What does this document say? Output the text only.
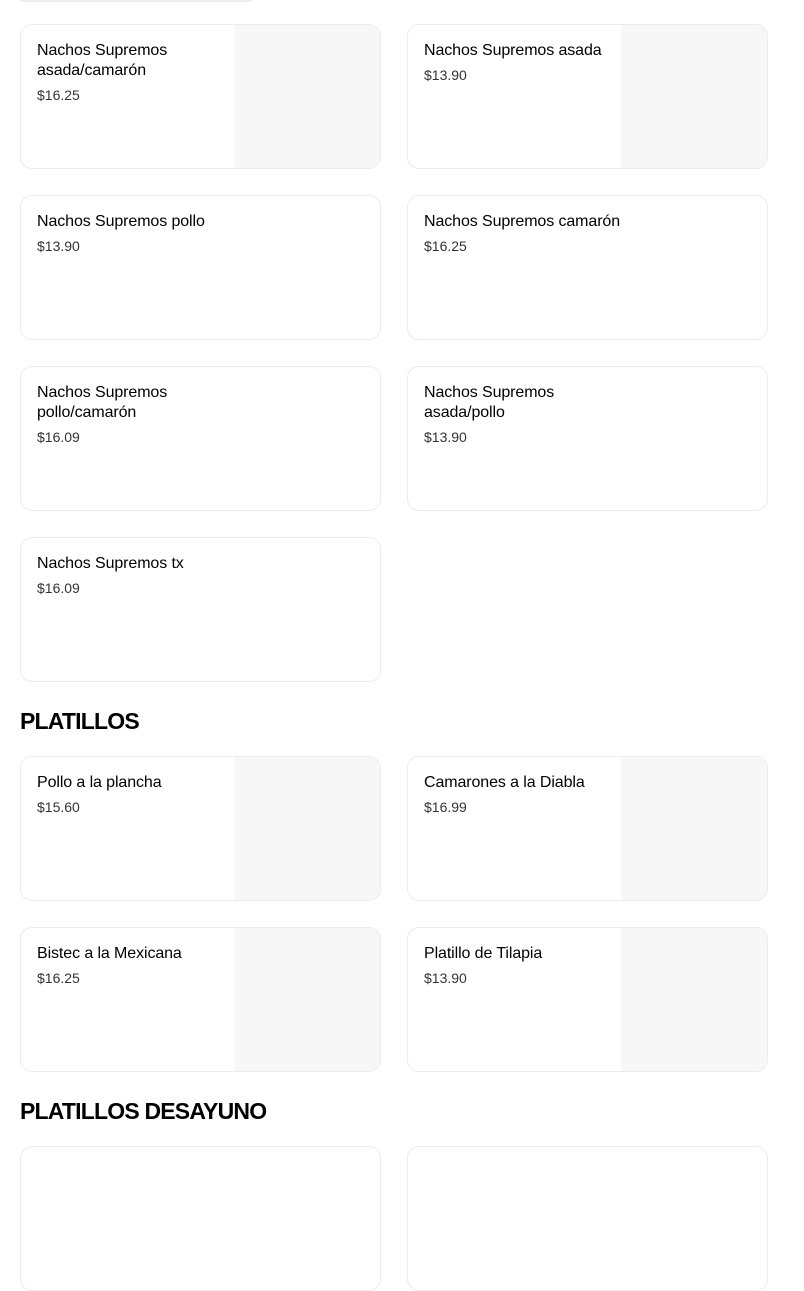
Nachos Supremos asada/camarón
$16.25
Nachos Supremos asada
$13.90
Nachos Supremos pollo
$13.90
Nachos Supremos camarón
$16.25
Nachos Supremos pollo/camarón
$16.09
Nachos Supremos asada/pollo
$13.90
Nachos Supremos tx
$16.09
PLATILLOS
Pollo a la plancha
$15.60
Camarones a la Diabla
$16.99
Bistec a la Mexicana
$16.25
Platillo de Tilapia
$13.90
PLATILLOS DESAYUNO
